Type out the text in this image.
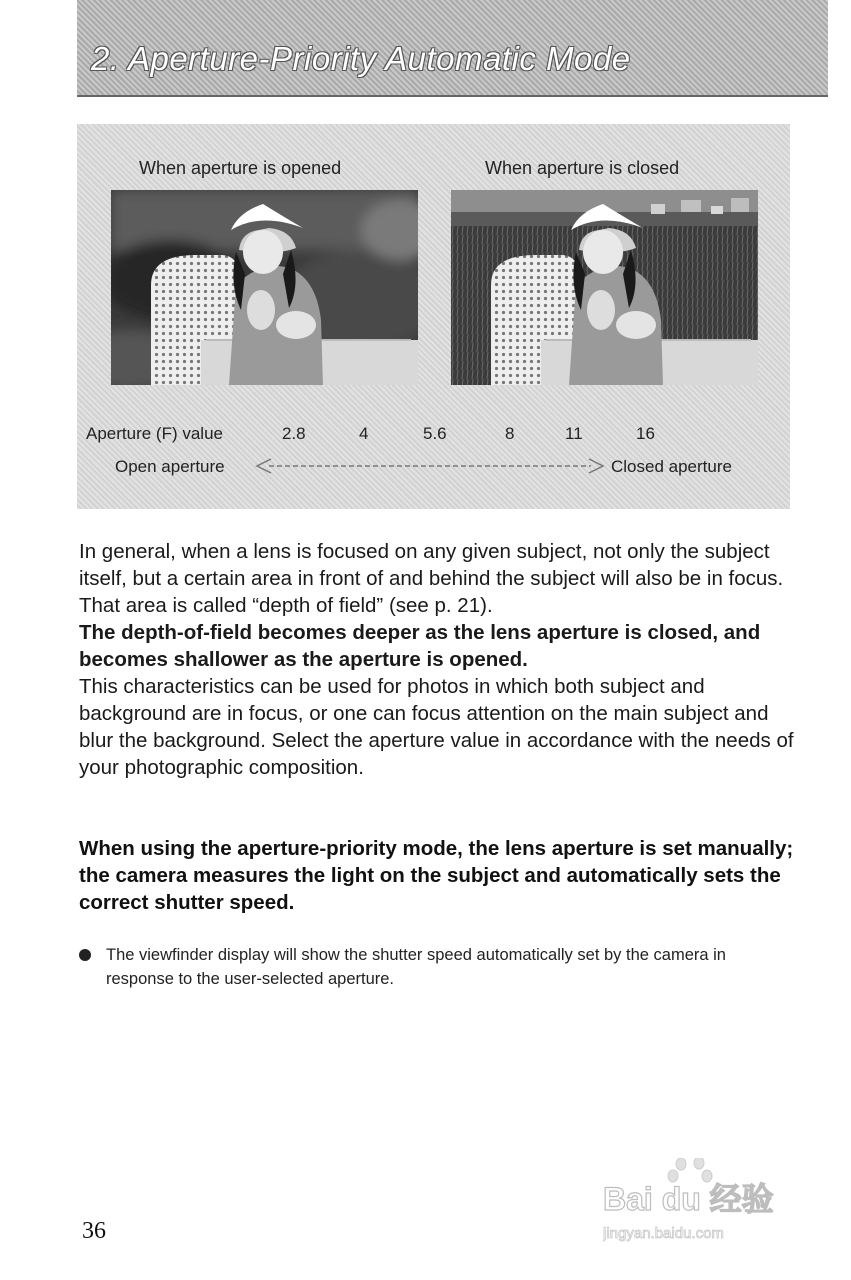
2. Aperture-Priority Automatic Mode
When aperture is opened	When aperture is closed
Aperture (F) value	2.8	4	5.6	8	11	16
Open aperture	Closed aperture

In general, when a lens is focused on any given subject, not only the subject itself, but a certain area in front of and behind the subject will also be in focus. That area is called “depth of field” (see p. 21).

The depth-of-field becomes deeper as the lens aperture is closed, and becomes shallower as the aperture is opened.

This characteristics can be used for photos in which both subject and background are in focus, or one can focus attention on the main subject and blur the background. Select the aperture value in accordance with the needs of your photographic composition.

When using the aperture-priority mode, the lens aperture is set manually; the camera measures the light on the subject and automatically sets the correct shutter speed.
The viewfinder display will show the shutter speed automatically set by the camera in response to the user-selected aperture.
36
Bai du 经验
jingyan.baidu.com
